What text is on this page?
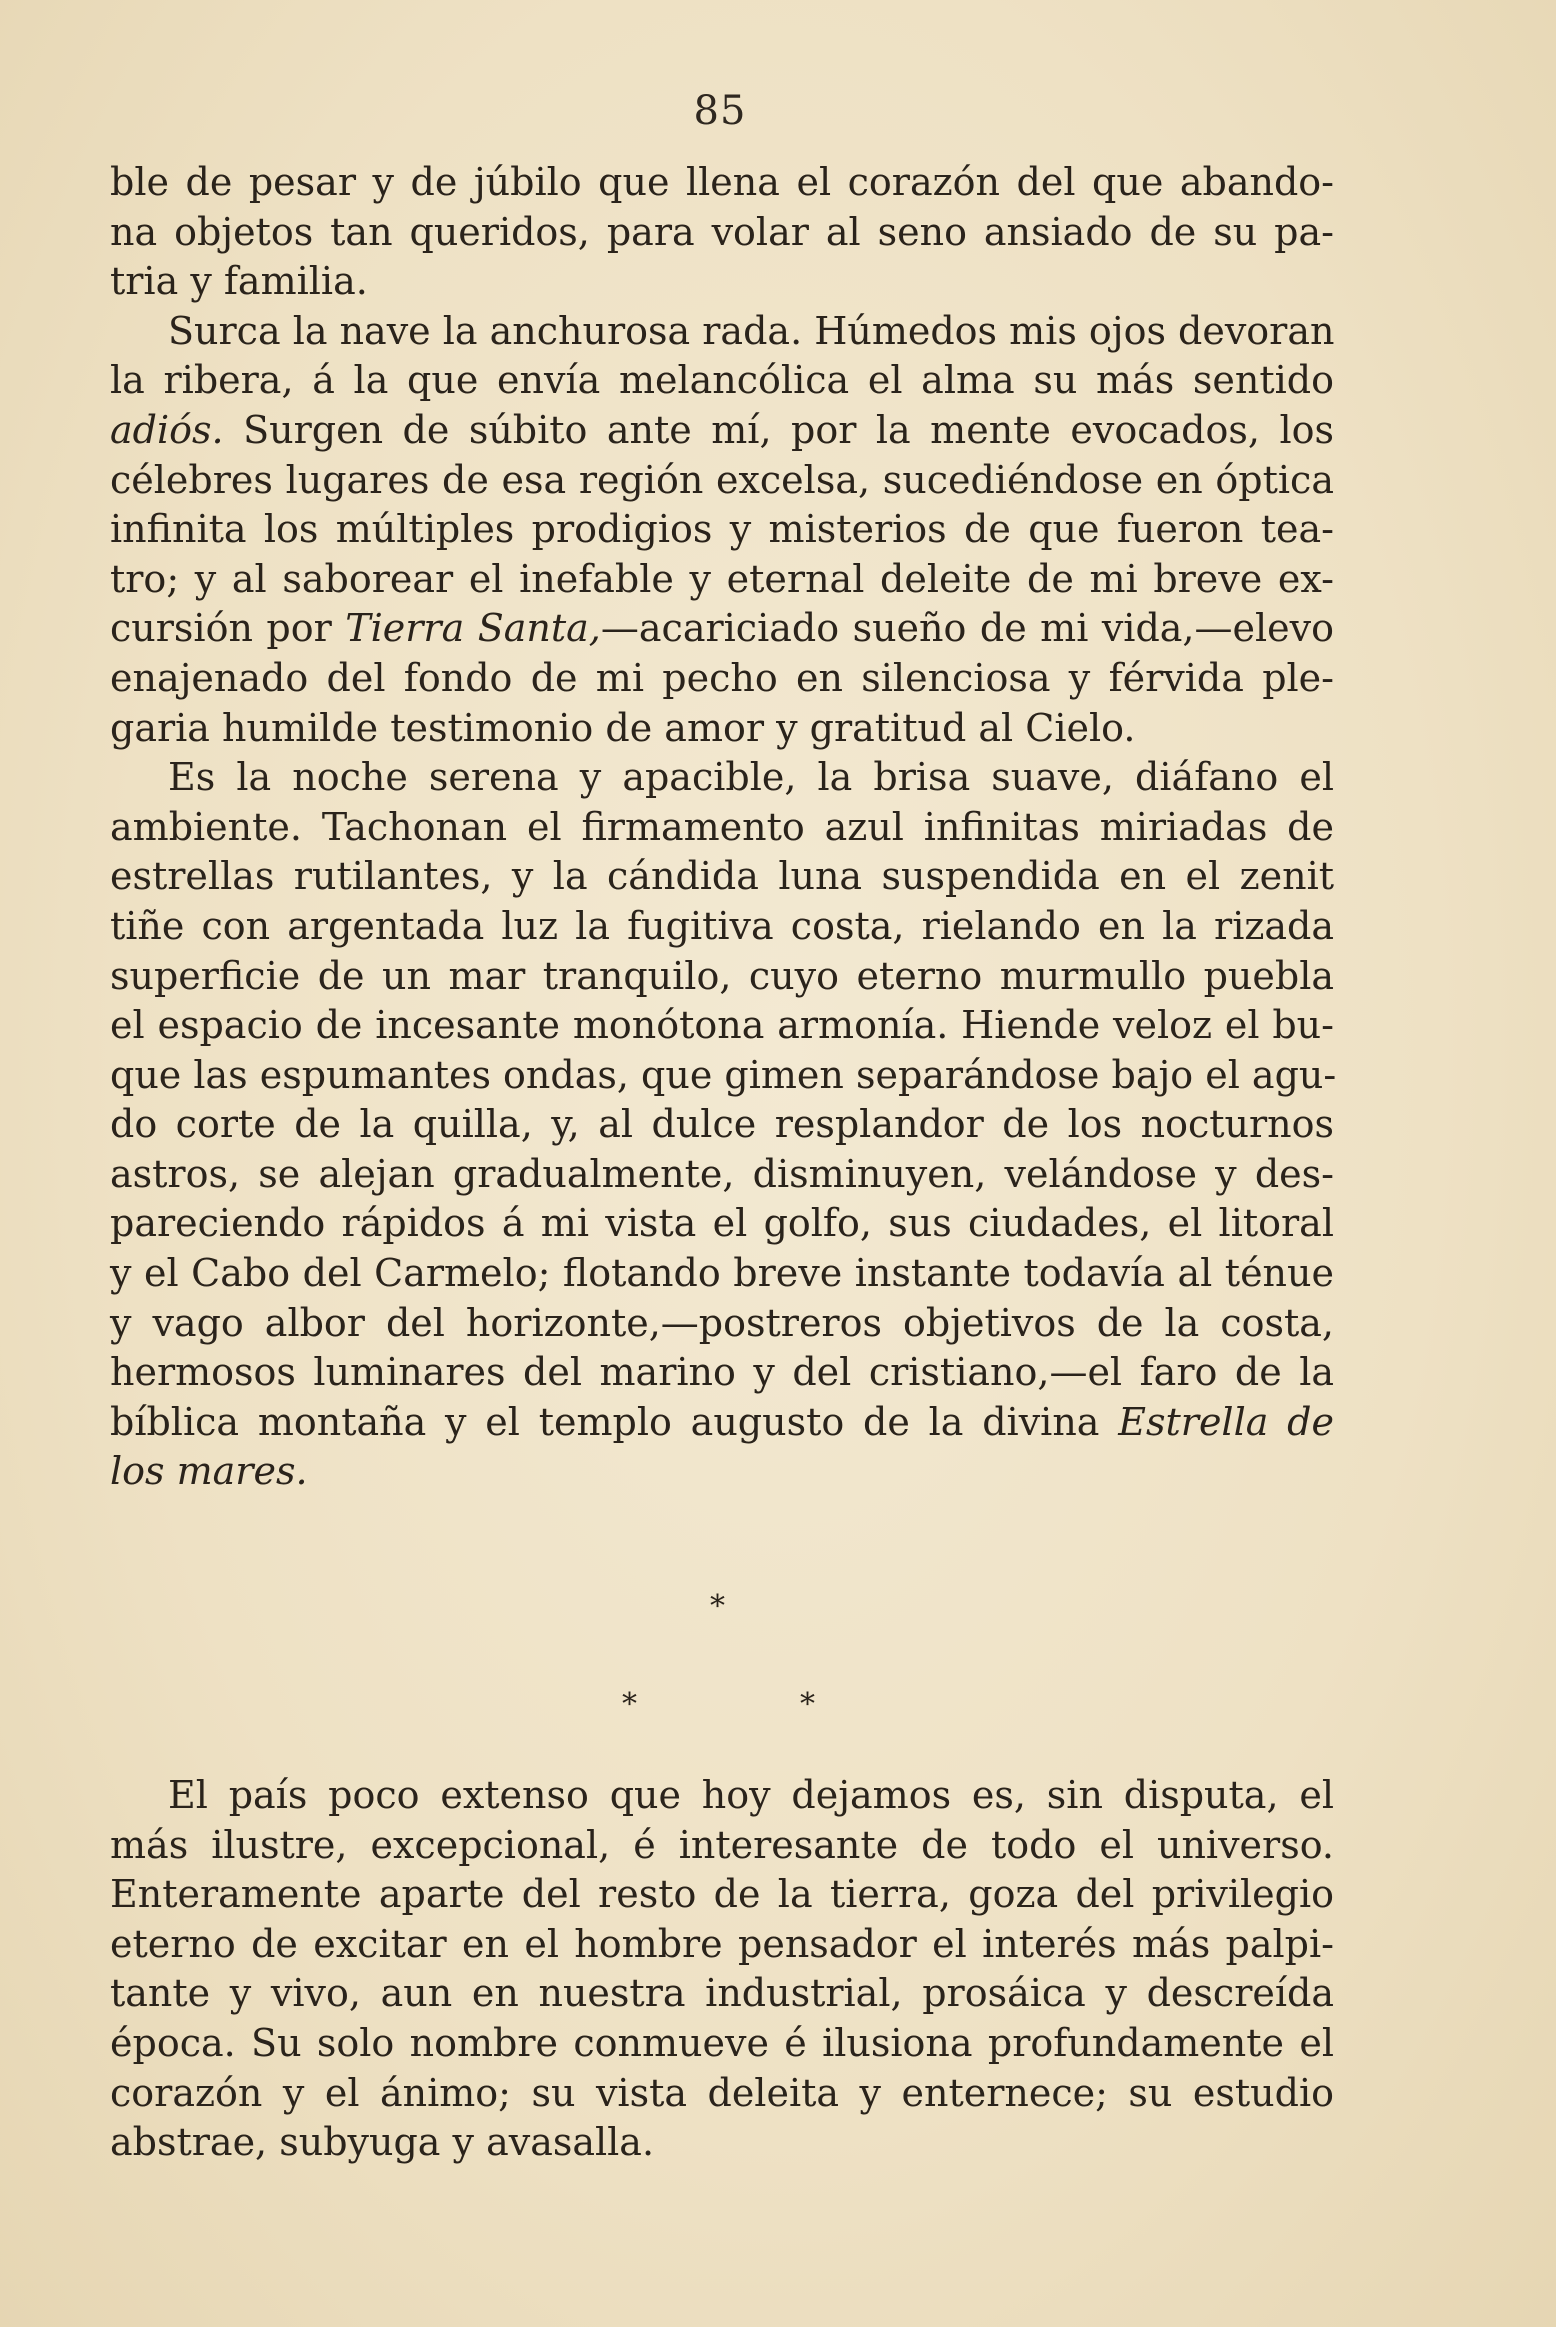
85
ble de pesar y de júbilo que llena el corazón del que abando-
na objetos tan queridos, para volar al seno ansiado de su pa-
tria y familia.
Surca la nave la anchurosa rada. Húmedos mis ojos devoran
la ribera, á la que envía melancólica el alma su más sentido
adiós. Surgen de súbito ante mí, por la mente evocados, los
célebres lugares de esa región excelsa, sucediéndose en óptica
infinita los múltiples prodigios y misterios de que fueron tea-
tro; y al saborear el inefable y eternal deleite de mi breve ex-
cursión por Tierra Santa,—acariciado sueño de mi vida,—elevo
enajenado del fondo de mi pecho en silenciosa y férvida ple-
garia humilde testimonio de amor y gratitud al Cielo.
Es la noche serena y apacible, la brisa suave, diáfano el
ambiente. Tachonan el firmamento azul infinitas miriadas de
estrellas rutilantes, y la cándida luna suspendida en el zenit
tiñe con argentada luz la fugitiva costa, rielando en la rizada
superficie de un mar tranquilo, cuyo eterno murmullo puebla
el espacio de incesante monótona armonía. Hiende veloz el bu-
que las espumantes ondas, que gimen separándose bajo el agu-
do corte de la quilla, y, al dulce resplandor de los nocturnos
astros, se alejan gradualmente, disminuyen, velándose y des-
pareciendo rápidos á mi vista el golfo, sus ciudades, el litoral
y el Cabo del Carmelo; flotando breve instante todavía al ténue
y vago albor del horizonte,—postreros objetivos de la costa,
hermosos luminares del marino y del cristiano,—el faro de la
bíblica montaña y el templo augusto de la divina Estrella de
los mares.
*
*	*
El país poco extenso que hoy dejamos es, sin disputa, el
más ilustre, excepcional, é interesante de todo el universo.
Enteramente aparte del resto de la tierra, goza del privilegio
eterno de excitar en el hombre pensador el interés más palpi-
tante y vivo, aun en nuestra industrial, prosáica y descreída
época. Su solo nombre conmueve é ilusiona profundamente el
corazón y el ánimo; su vista deleita y enternece; su estudio
abstrae, subyuga y avasalla.
